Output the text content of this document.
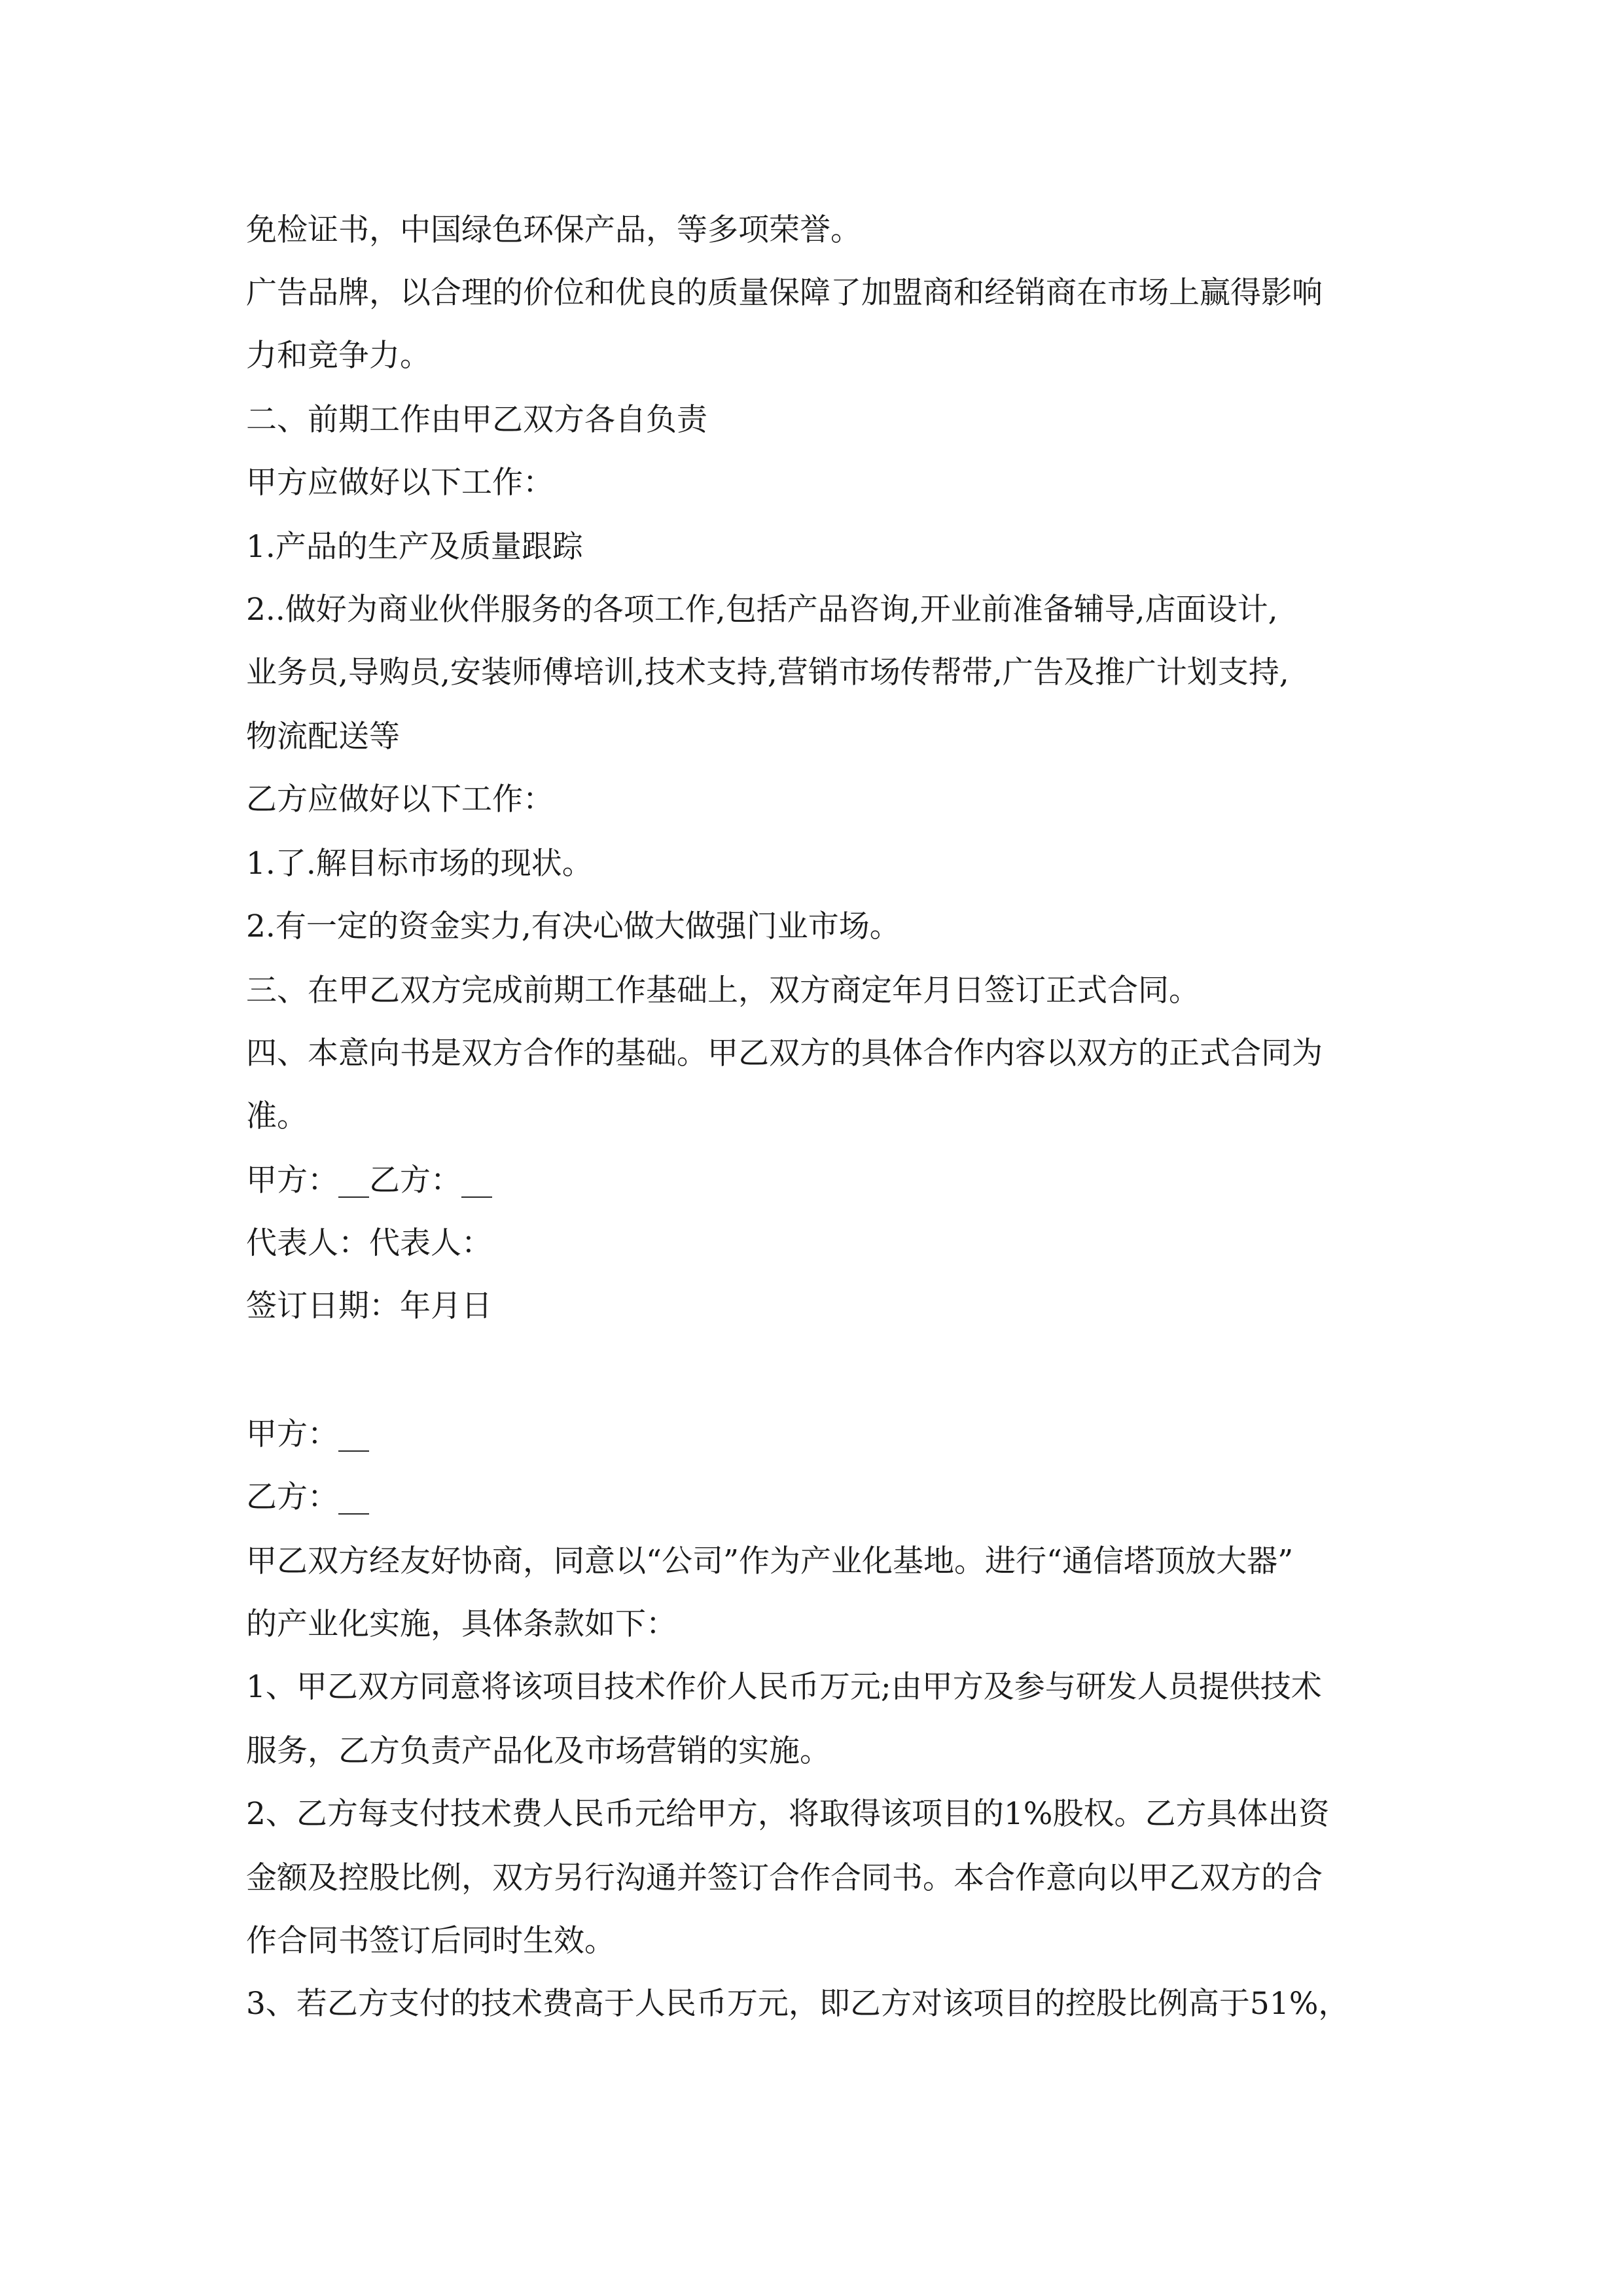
免检证书，中国绿色环保产品，等多项荣誉。
广告品牌，以合理的价位和优良的质量保障了加盟商和经销商在市场上赢得影响
力和竞争力。
二、前期工作由甲乙双方各自负责
甲方应做好以下工作：
1.产品的生产及质量跟踪
2..做好为商业伙伴服务的各项工作,包括产品咨询,开业前准备辅导,店面设计,
业务员,导购员,安装师傅培训,技术支持,营销市场传帮带,广告及推广计划支持,
物流配送等
乙方应做好以下工作：
1.了.解目标市场的现状。
2.有一定的资金实力,有决心做大做强门业市场。
三、在甲乙双方完成前期工作基础上，双方商定年月日签订正式合同。
四、本意向书是双方合作的基础。甲乙双方的具体合作内容以双方的正式合同为
准。
甲方：__乙方：__
代表人：代表人：
签订日期：年月日
甲方：__
乙方：__
甲乙双方经友好协商，同意以“公司”作为产业化基地。进行“通信塔顶放大器”
的产业化实施，具体条款如下：
1、甲乙双方同意将该项目技术作价人民币万元;由甲方及参与研发人员提供技术
服务，乙方负责产品化及市场营销的实施。
2、乙方每支付技术费人民币元给甲方，将取得该项目的1%股权。乙方具体出资
金额及控股比例，双方另行沟通并签订合作合同书。本合作意向以甲乙双方的合
作合同书签订后同时生效。
3、若乙方支付的技术费高于人民币万元，即乙方对该项目的控股比例高于51%，
